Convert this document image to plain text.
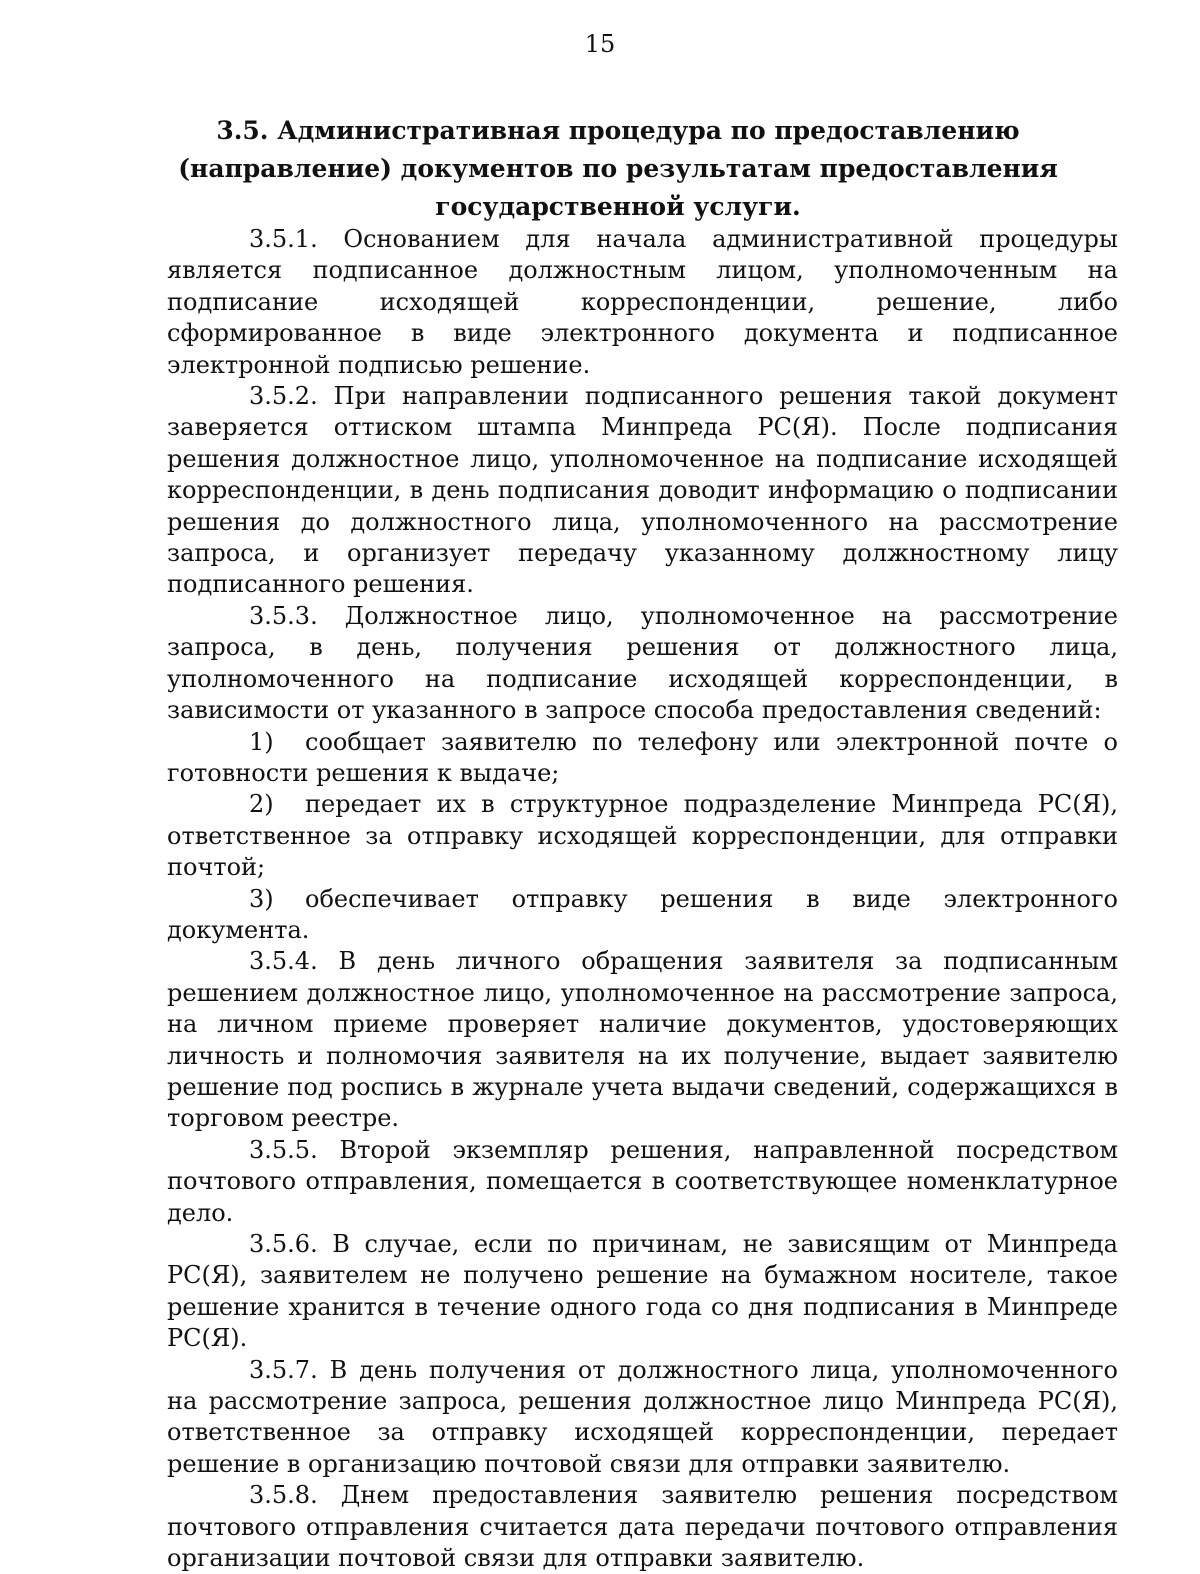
15
3.5. Административная процедура по предоставлению (направление) документов по результатам предоставления государственной услуги.

3.5.1. Основанием для начала административной процедуры является подписанное должностным лицом, уполномоченным на подписание исходящей корреспонденции, решение, либо сформированное в виде электронного документа и подписанное электронной подписью решение.

3.5.2. При направлении подписанного решения такой документ заверяется оттиском штампа Минпреда РС(Я). После подписания решения должностное лицо, уполномоченное на подписание исходящей корреспонденции, в день подписания доводит информацию о подписании решения до должностного лица, уполномоченного на рассмотрение запроса, и организует передачу указанному должностному лицу подписанного решения.

3.5.3. Должностное лицо, уполномоченное на рассмотрение запроса, в день, получения решения от должностного лица, уполномоченного на подписание исходящей корреспонденции, в зависимости от указанного в запросе способа предоставления сведений:

1) сообщает заявителю по телефону или электронной почте о готовности решения к выдаче;

2) передает их в структурное подразделение Минпреда РС(Я), ответственное за отправку исходящей корреспонденции, для отправки почтой;

3) обеспечивает отправку решения в виде электронного документа.

3.5.4. В день личного обращения заявителя за подписанным решением должностное лицо, уполномоченное на рассмотрение запроса, на личном приеме проверяет наличие документов, удостоверяющих личность и полномочия заявителя на их получение, выдает заявителю решение под роспись в журнале учета выдачи сведений, содержащихся в торговом реестре.

3.5.5. Второй экземпляр решения, направленной посредством почтового отправления, помещается в соответствующее номенклатурное дело.

3.5.6. В случае, если по причинам, не зависящим от Минпреда РС(Я), заявителем не получено решение на бумажном носителе, такое решение хранится в течение одного года со дня подписания в Минпреде РС(Я).

3.5.7. В день получения от должностного лица, уполномоченного на рассмотрение запроса, решения должностное лицо Минпреда РС(Я), ответственное за отправку исходящей корреспонденции, передает решение в организацию почтовой связи для отправки заявителю.

3.5.8. Днем предоставления заявителю решения посредством почтового отправления считается дата передачи почтового отправления организации почтовой связи для отправки заявителю.
